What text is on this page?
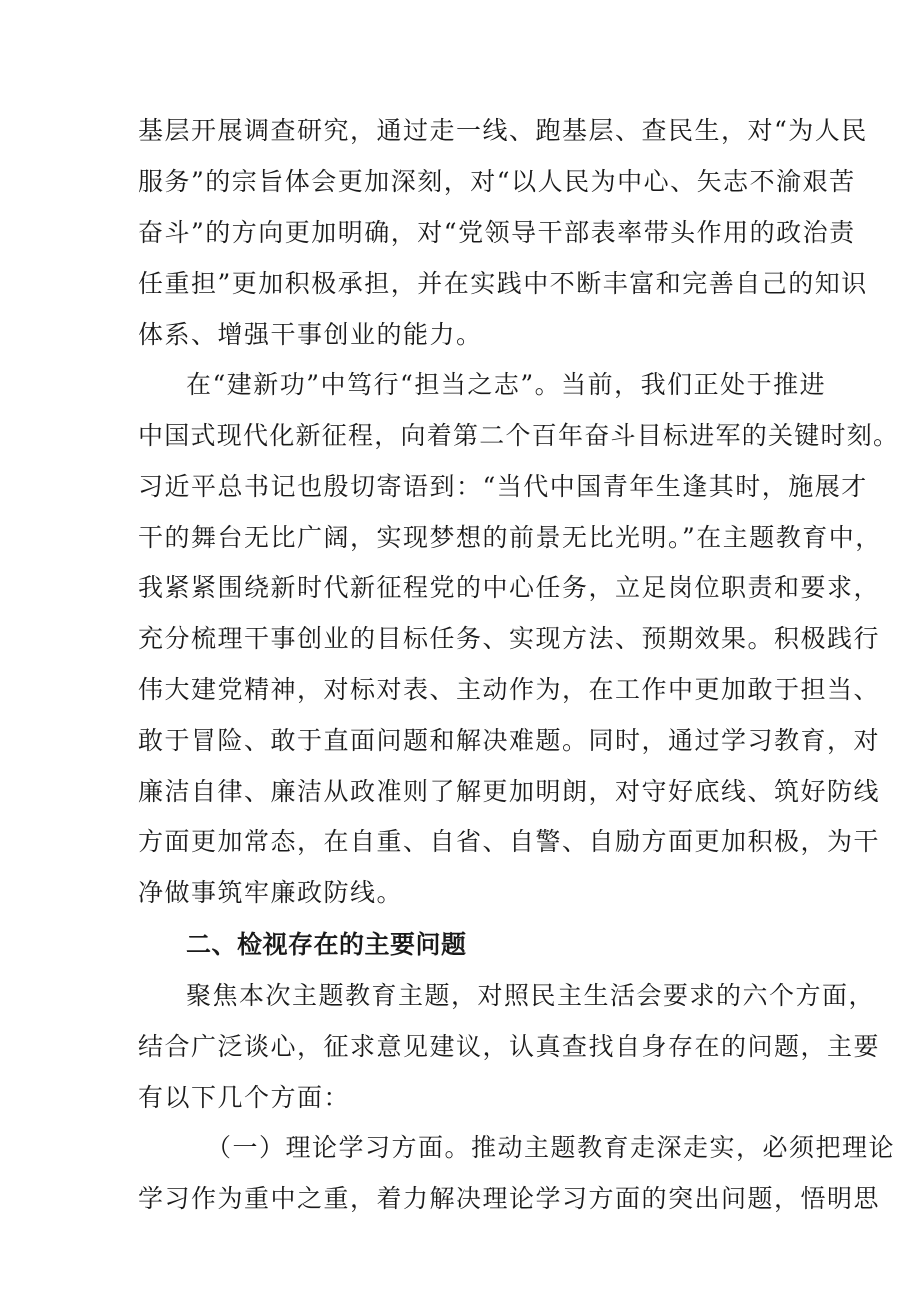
基层开展调查研究，通过走一线、跑基层、查民生，对“为人民
服务”的宗旨体会更加深刻，对“以人民为中心、矢志不渝艰苦
奋斗”的方向更加明确，对“党领导干部表率带头作用的政治责
任重担”更加积极承担，并在实践中不断丰富和完善自己的知识
体系、增强干事创业的能力。
在“建新功”中笃行“担当之志”。当前，我们正处于推进
中国式现代化新征程，向着第二个百年奋斗目标进军的关键时刻。
习近平总书记也殷切寄语到：“当代中国青年生逢其时，施展才
干的舞台无比广阔，实现梦想的前景无比光明。”在主题教育中，
我紧紧围绕新时代新征程党的中心任务，立足岗位职责和要求，
充分梳理干事创业的目标任务、实现方法、预期效果。积极践行
伟大建党精神，对标对表、主动作为，在工作中更加敢于担当、
敢于冒险、敢于直面问题和解决难题。同时，通过学习教育，对
廉洁自律、廉洁从政准则了解更加明朗，对守好底线、筑好防线
方面更加常态，在自重、自省、自警、自励方面更加积极，为干
净做事筑牢廉政防线。
二、检视存在的主要问题
聚焦本次主题教育主题，对照民主生活会要求的六个方面，
结合广泛谈心，征求意见建议，认真查找自身存在的问题，主要
有以下几个方面：
（一）理论学习方面。推动主题教育走深走实，必须把理论
学习作为重中之重，着力解决理论学习方面的突出问题，悟明思
